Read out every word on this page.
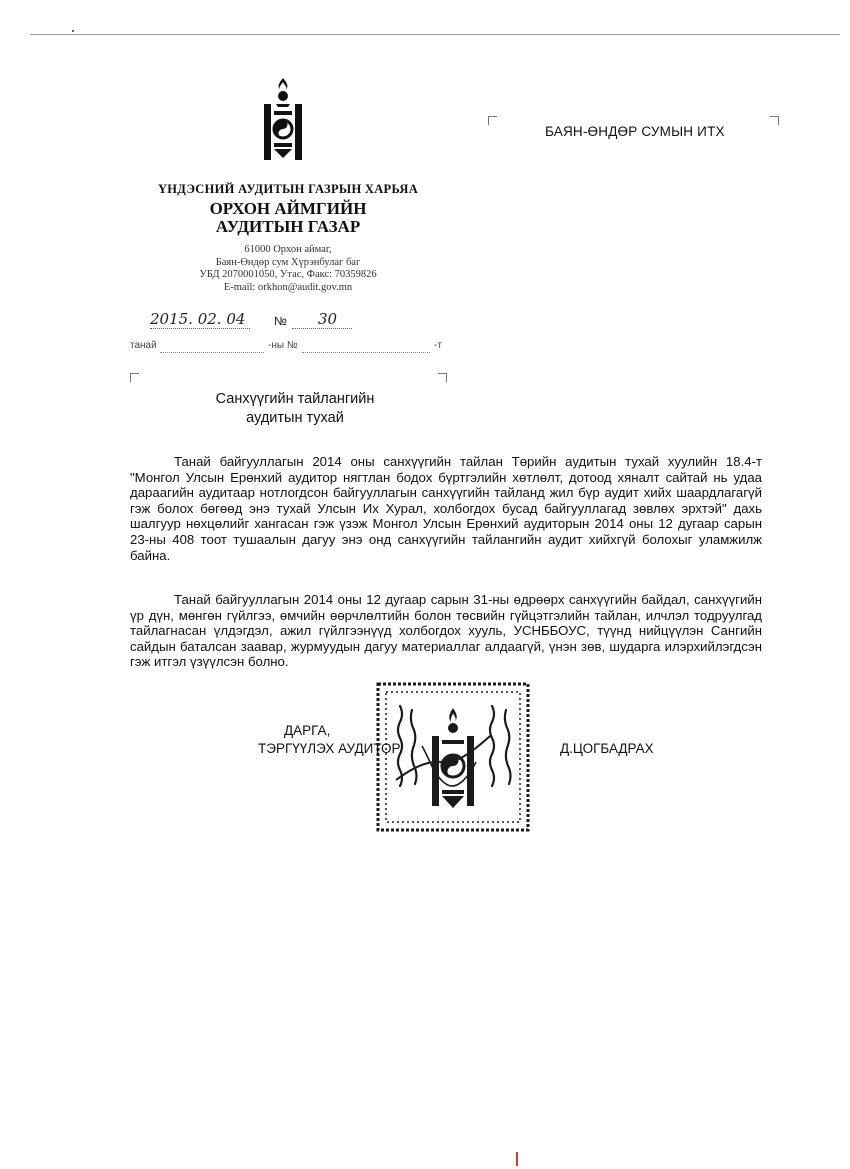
ҮНДЭСНИЙ АУДИТЫН ГАЗРЫН ХАРЬЯА
ОРХОН АЙМГИЙН
АУДИТЫН ГАЗАР
61000 Орхон аймаг,
Баян-Өндөр сум Хүрэнбулаг баг
УБД 2070001050, Утас, Факс: 70359826
E-mail: orkhon@audit.gov.mn
БАЯН-ӨНДӨР СУМЫН ИТХ
2015. 02. 04 № 30
танай	-ны №	-т
Санхүүгийн тайлангийн
аудитын тухай

Танай байгууллагын 2014 оны санхүүгийн тайлан Төрийн аудитын тухай хуулийн 18.4-т "Монгол Улсын Ерөнхий аудитор нягтлан бодох бүртгэлийн хөтлөлт, дотоод хяналт сайтай нь удаа дараагийн аудитаар нотлогдсон байгууллагын санхүүгийн тайланд жил бүр аудит хийх шаардлагагүй гэж болох бөгөөд энэ тухай Улсын Их Хурал, холбогдох бусад байгууллагад зөвлөх эрхтэй" дахь шалгуур нөхцөлийг хангасан гэж үзэж Монгол Улсын Ерөнхий аудиторын 2014 оны 12 дугаар сарын 23-ны 408 тоот тушаалын дагуу энэ онд санхүүгийн тайлангийн аудит хийхгүй болохыг уламжилж байна.

Танай байгууллагын 2014 оны 12 дугаар сарын 31-ны өдрөөрх санхүүгийн байдал, санхүүгийн үр дүн, мөнгөн гүйлгээ, өмчийн өөрчлөлтийн болон төсвийн гүйцэтгэлийн тайлан, илчлэл тодруулгад тайлагнасан үлдэгдэл, ажил гүйлгээнүүд холбогдох хууль, УСНББОУС, түүнд нийцүүлэн Сангийн сайдын баталсан заавар, журмуудын дагуу материаллаг алдаагүй, үнэн зөв, шударга илэрхийлэгдсэн гэж итгэл үзүүлсэн болно.

ДАРГА,
ТЭРГҮҮЛЭХ АУДИТОР	Д.ЦОГБАДРАХ
